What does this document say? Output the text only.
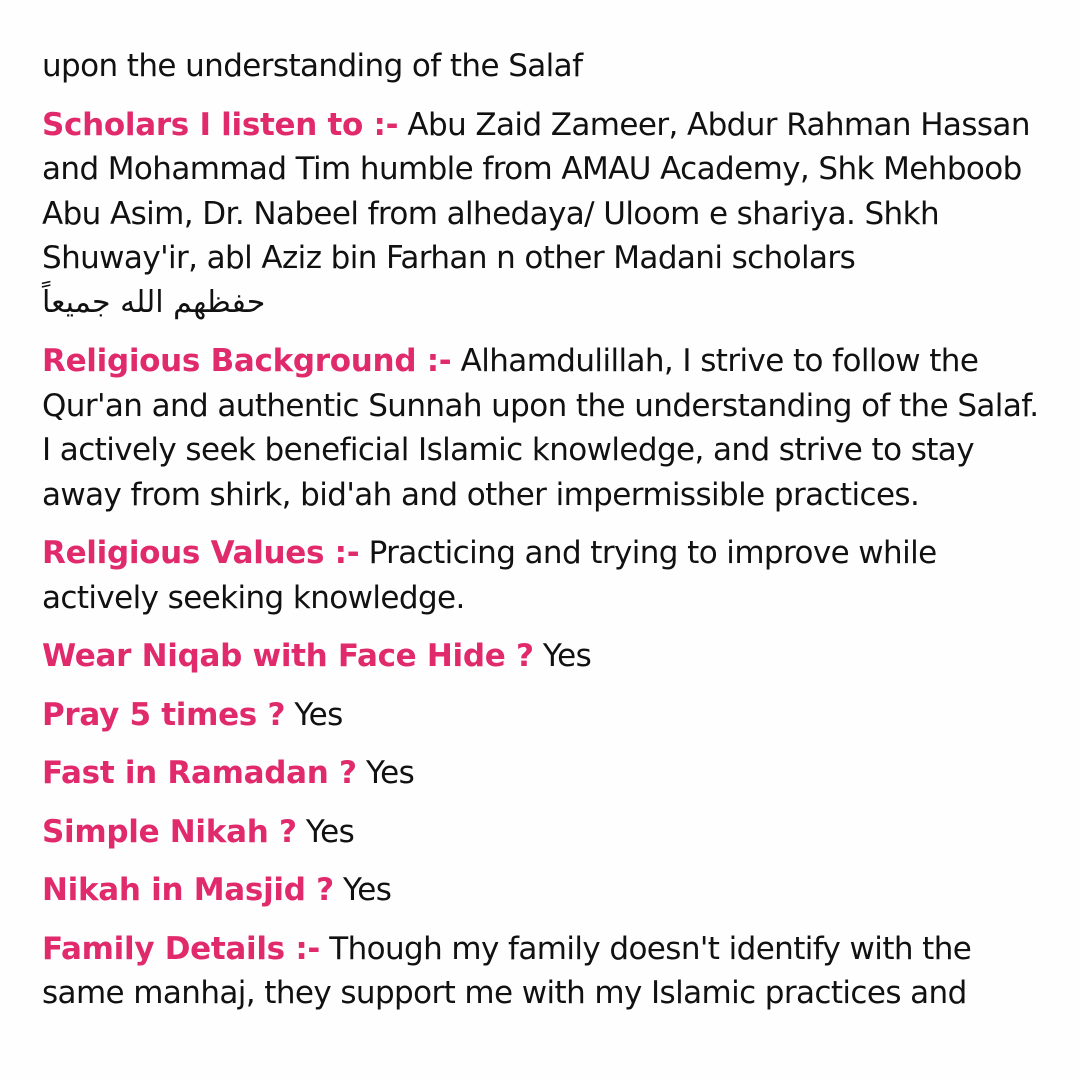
upon the understanding of the Salaf
Scholars I listen to :- Abu Zaid Zameer, Abdur Rahman Hassan and Mohammad Tim humble from AMAU Academy, Shk Mehboob Abu Asim, Dr. Nabeel from alhedaya/ Uloom e shariya. Shkh Shuway'ir, abl Aziz bin Farhan n other Madani scholars
حفظهم الله جميعاً
Religious Background :- Alhamdulillah, I strive to follow the Qur'an and authentic Sunnah upon the understanding of the Salaf. I actively seek beneficial Islamic knowledge, and strive to stay away from shirk, bid'ah and other impermissible practices.
Religious Values :- Practicing and trying to improve while actively seeking knowledge.
Wear Niqab with Face Hide ? Yes
Pray 5 times ? Yes
Fast in Ramadan ? Yes
Simple Nikah ? Yes
Nikah in Masjid ? Yes
Family Details :- Though my family doesn't identify with the same manhaj, they support me with my Islamic practices and
